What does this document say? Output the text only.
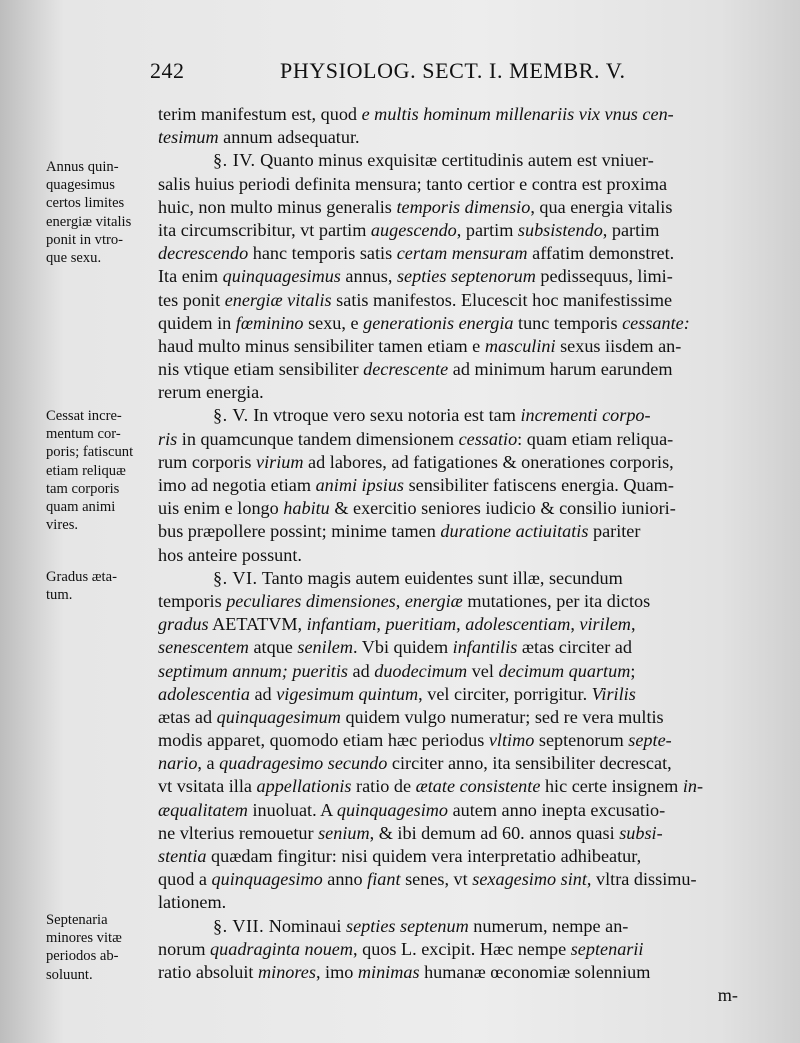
242	PHYSIOLOG. SECT. I. MEMBR. V.
Annus quin-
quagesimus
certos limites
energiæ vitalis
ponit in vtro-
que sexu.
Cessat incre-
mentum cor-
poris; fatiscunt
etiam reliquæ
tam corporis
quam animi
vires.
Gradus æta-
tum.
Septenaria
minores vitæ
periodos ab-
soluunt.
terim manifestum est, quod e multis hominum millenariis vix vnus cen-
tesimum annum adsequatur.
§. IV. Quanto minus exquisitæ certitudinis autem est vniuer-
salis huius periodi definita mensura; tanto certior e contra est proxima
huic, non multo minus generalis temporis dimensio, qua energia vitalis
ita circumscribitur, vt partim augescendo, partim subsistendo, partim
decrescendo hanc temporis satis certam mensuram affatim demonstret.
Ita enim quinquagesimus annus, septies septenorum pedissequus, limi-
tes ponit energiæ vitalis satis manifestos. Elucescit hoc manifestissime
quidem in fœminino sexu, e generationis energia tunc temporis cessante:
haud multo minus sensibiliter tamen etiam e masculini sexus iisdem an-
nis vtique etiam sensibiliter decrescente ad minimum harum earundem
rerum energia.
§. V. In vtroque vero sexu notoria est tam incrementi corpo-
ris in quamcunque tandem dimensionem cessatio: quam etiam reliqua-
rum corporis virium ad labores, ad fatigationes & onerationes corporis,
imo ad negotia etiam animi ipsius sensibiliter fatiscens energia. Quam-
uis enim e longo habitu & exercitio seniores iudicio & consilio iuniori-
bus præpollere possint; minime tamen duratione actiuitatis pariter
hos anteire possunt.
§. VI. Tanto magis autem euidentes sunt illæ, secundum
temporis peculiares dimensiones, energiæ mutationes, per ita dictos
gradus AETATVM, infantiam, pueritiam, adolescentiam, virilem,
senescentem atque senilem. Vbi quidem infantilis ætas circiter ad
septimum annum; pueritis ad duodecimum vel decimum quartum;
adolescentia ad vigesimum quintum, vel circiter, porrigitur. Virilis
ætas ad quinquagesimum quidem vulgo numeratur; sed re vera multis
modis apparet, quomodo etiam hæc periodus vltimo septenorum septe-
nario, a quadragesimo secundo circiter anno, ita sensibiliter decrescat,
vt vsitata illa appellationis ratio de ætate consistente hic certe insignem in-
æqualitatem inuoluat. A quinquagesimo autem anno inepta excusatio-
ne vlterius remouetur senium, & ibi demum ad 60. annos quasi subsi-
stentia quædam fingitur: nisi quidem vera interpretatio adhibeatur,
quod a quinquagesimo anno fiant senes, vt sexagesimo sint, vltra dissimu-
lationem.
§. VII. Nominaui septies septenum numerum, nempe an-
norum quadraginta nouem, quos L. excipit. Hæc nempe septenarii
ratio absoluit minores, imo minimas humanæ œconomiæ solennium
m-
